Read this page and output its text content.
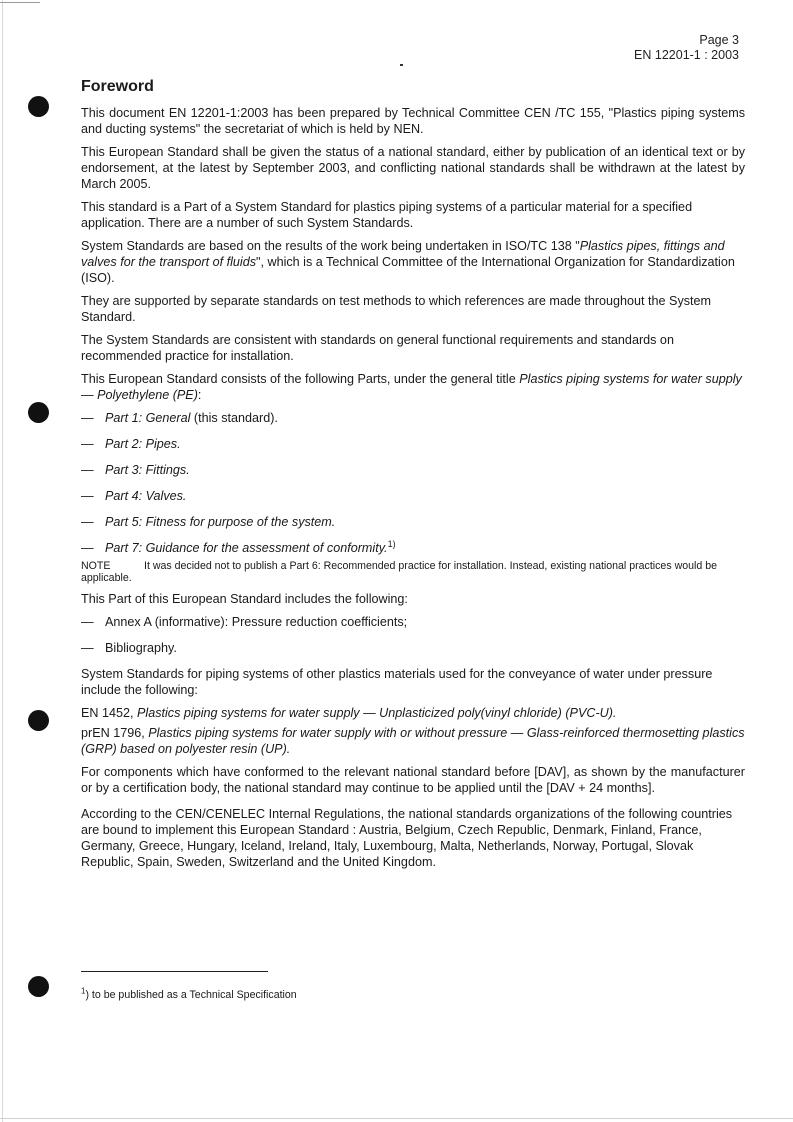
Page 3
EN 12201-1 : 2003
Foreword

This document EN 12201-1:2003 has been prepared by Technical Committee CEN /TC 155, "Plastics piping systems and ducting systems" the secretariat of which is held by NEN.

This European Standard shall be given the status of a national standard, either by publication of an identical text or by endorsement, at the latest by September 2003, and conflicting national standards shall be withdrawn at the latest by March 2005.

This standard is a Part of a System Standard for plastics piping systems of a particular material for a specified application. There are a number of such System Standards.

System Standards are based on the results of the work being undertaken in ISO/TC 138 "Plastics pipes, fittings and valves for the transport of fluids", which is a Technical Committee of the International Organization for Standardization (ISO).

They are supported by separate standards on test methods to which references are made throughout the System Standard.

The System Standards are consistent with standards on general functional requirements and standards on recommended practice for installation.

This European Standard consists of the following Parts, under the general title Plastics piping systems for water supply — Polyethylene (PE):

— Part 1: General (this standard).
— Part 2: Pipes.
— Part 3: Fittings.
— Part 4: Valves.
— Part 5: Fitness for purpose of the system.
— Part 7: Guidance for the assessment of conformity.$^{1)}$
NOTE	It was decided not to publish a Part 6: Recommended practice for installation. Instead, existing national practices would be applicable.

This Part of this European Standard includes the following:

— Annex A (informative): Pressure reduction coefficients;
— Bibliography.

System Standards for piping systems of other plastics materials used for the conveyance of water under pressure include the following:

EN 1452, Plastics piping systems for water supply — Unplasticized poly(vinyl chloride) (PVC-U).

prEN 1796, Plastics piping systems for water supply with or without pressure — Glass-reinforced thermosetting plastics (GRP) based on polyester resin (UP).

For components which have conformed to the relevant national standard before [DAV], as shown by the manufacturer or by a certification body, the national standard may continue to be applied until the [DAV + 24 months].

According to the CEN/CENELEC Internal Regulations, the national standards organizations of the following countries are bound to implement this European Standard : Austria, Belgium, Czech Republic, Denmark, Finland, France, Germany, Greece, Hungary, Iceland, Ireland, Italy, Luxembourg, Malta, Netherlands, Norway, Portugal, Slovak Republic, Spain, Sweden, Switzerland and the United Kingdom.

$^1$) to be published as a Technical Specification
